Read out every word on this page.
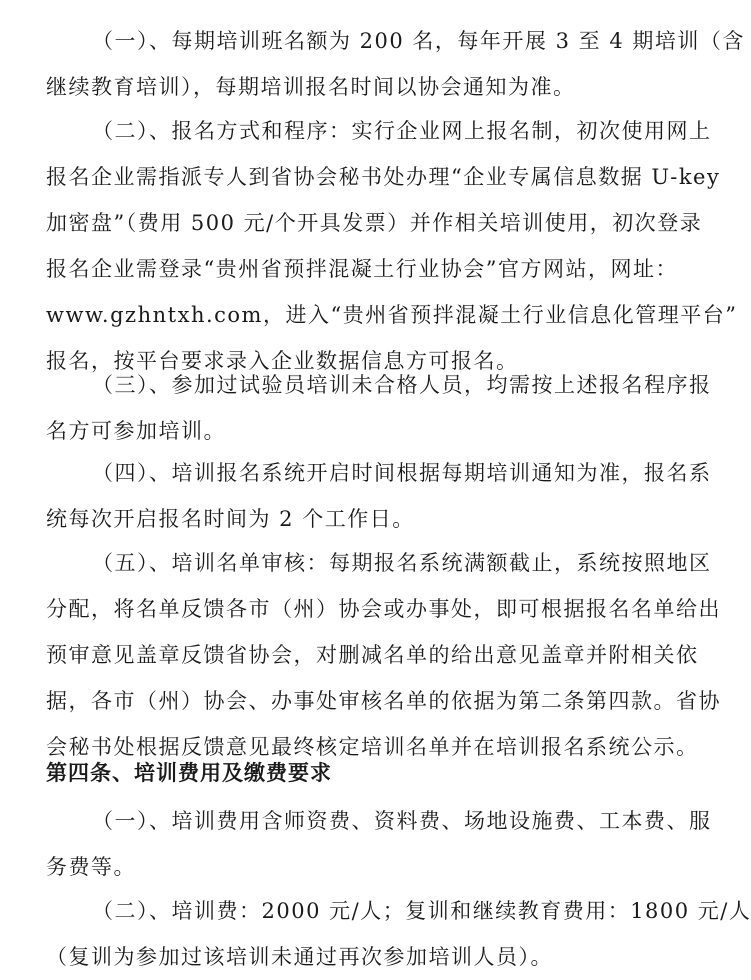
（一）、每期培训班名额为 200 名，每年开展 3 至 4 期培训（含
继续教育培训），每期培训报名时间以协会通知为准。
（二）、报名方式和程序：实行企业网上报名制，初次使用网上
报名企业需指派专人到省协会秘书处办理“企业专属信息数据 U-key
加密盘”（费用 500 元/个开具发票）并作相关培训使用，初次登录
报名企业需登录“贵州省预拌混凝土行业协会”官方网站，网址：
www.gzhntxh.com，进入“贵州省预拌混凝土行业信息化管理平台”
报名，按平台要求录入企业数据信息方可报名。
（三）、参加过试验员培训未合格人员，均需按上述报名程序报
名方可参加培训。
（四）、培训报名系统开启时间根据每期培训通知为准，报名系
统每次开启报名时间为 2 个工作日。
（五）、培训名单审核：每期报名系统满额截止，系统按照地区
分配，将名单反馈各市（州）协会或办事处，即可根据报名名单给出
预审意见盖章反馈省协会，对删减名单的给出意见盖章并附相关依
据，各市（州）协会、办事处审核名单的依据为第二条第四款。省协
会秘书处根据反馈意见最终核定培训名单并在培训报名系统公示。
第四条、培训费用及缴费要求
（一）、培训费用含师资费、资料费、场地设施费、工本费、服
务费等。
（二）、培训费：2000 元/人；复训和继续教育费用：1800 元/人
（复训为参加过该培训未通过再次参加培训人员）。
